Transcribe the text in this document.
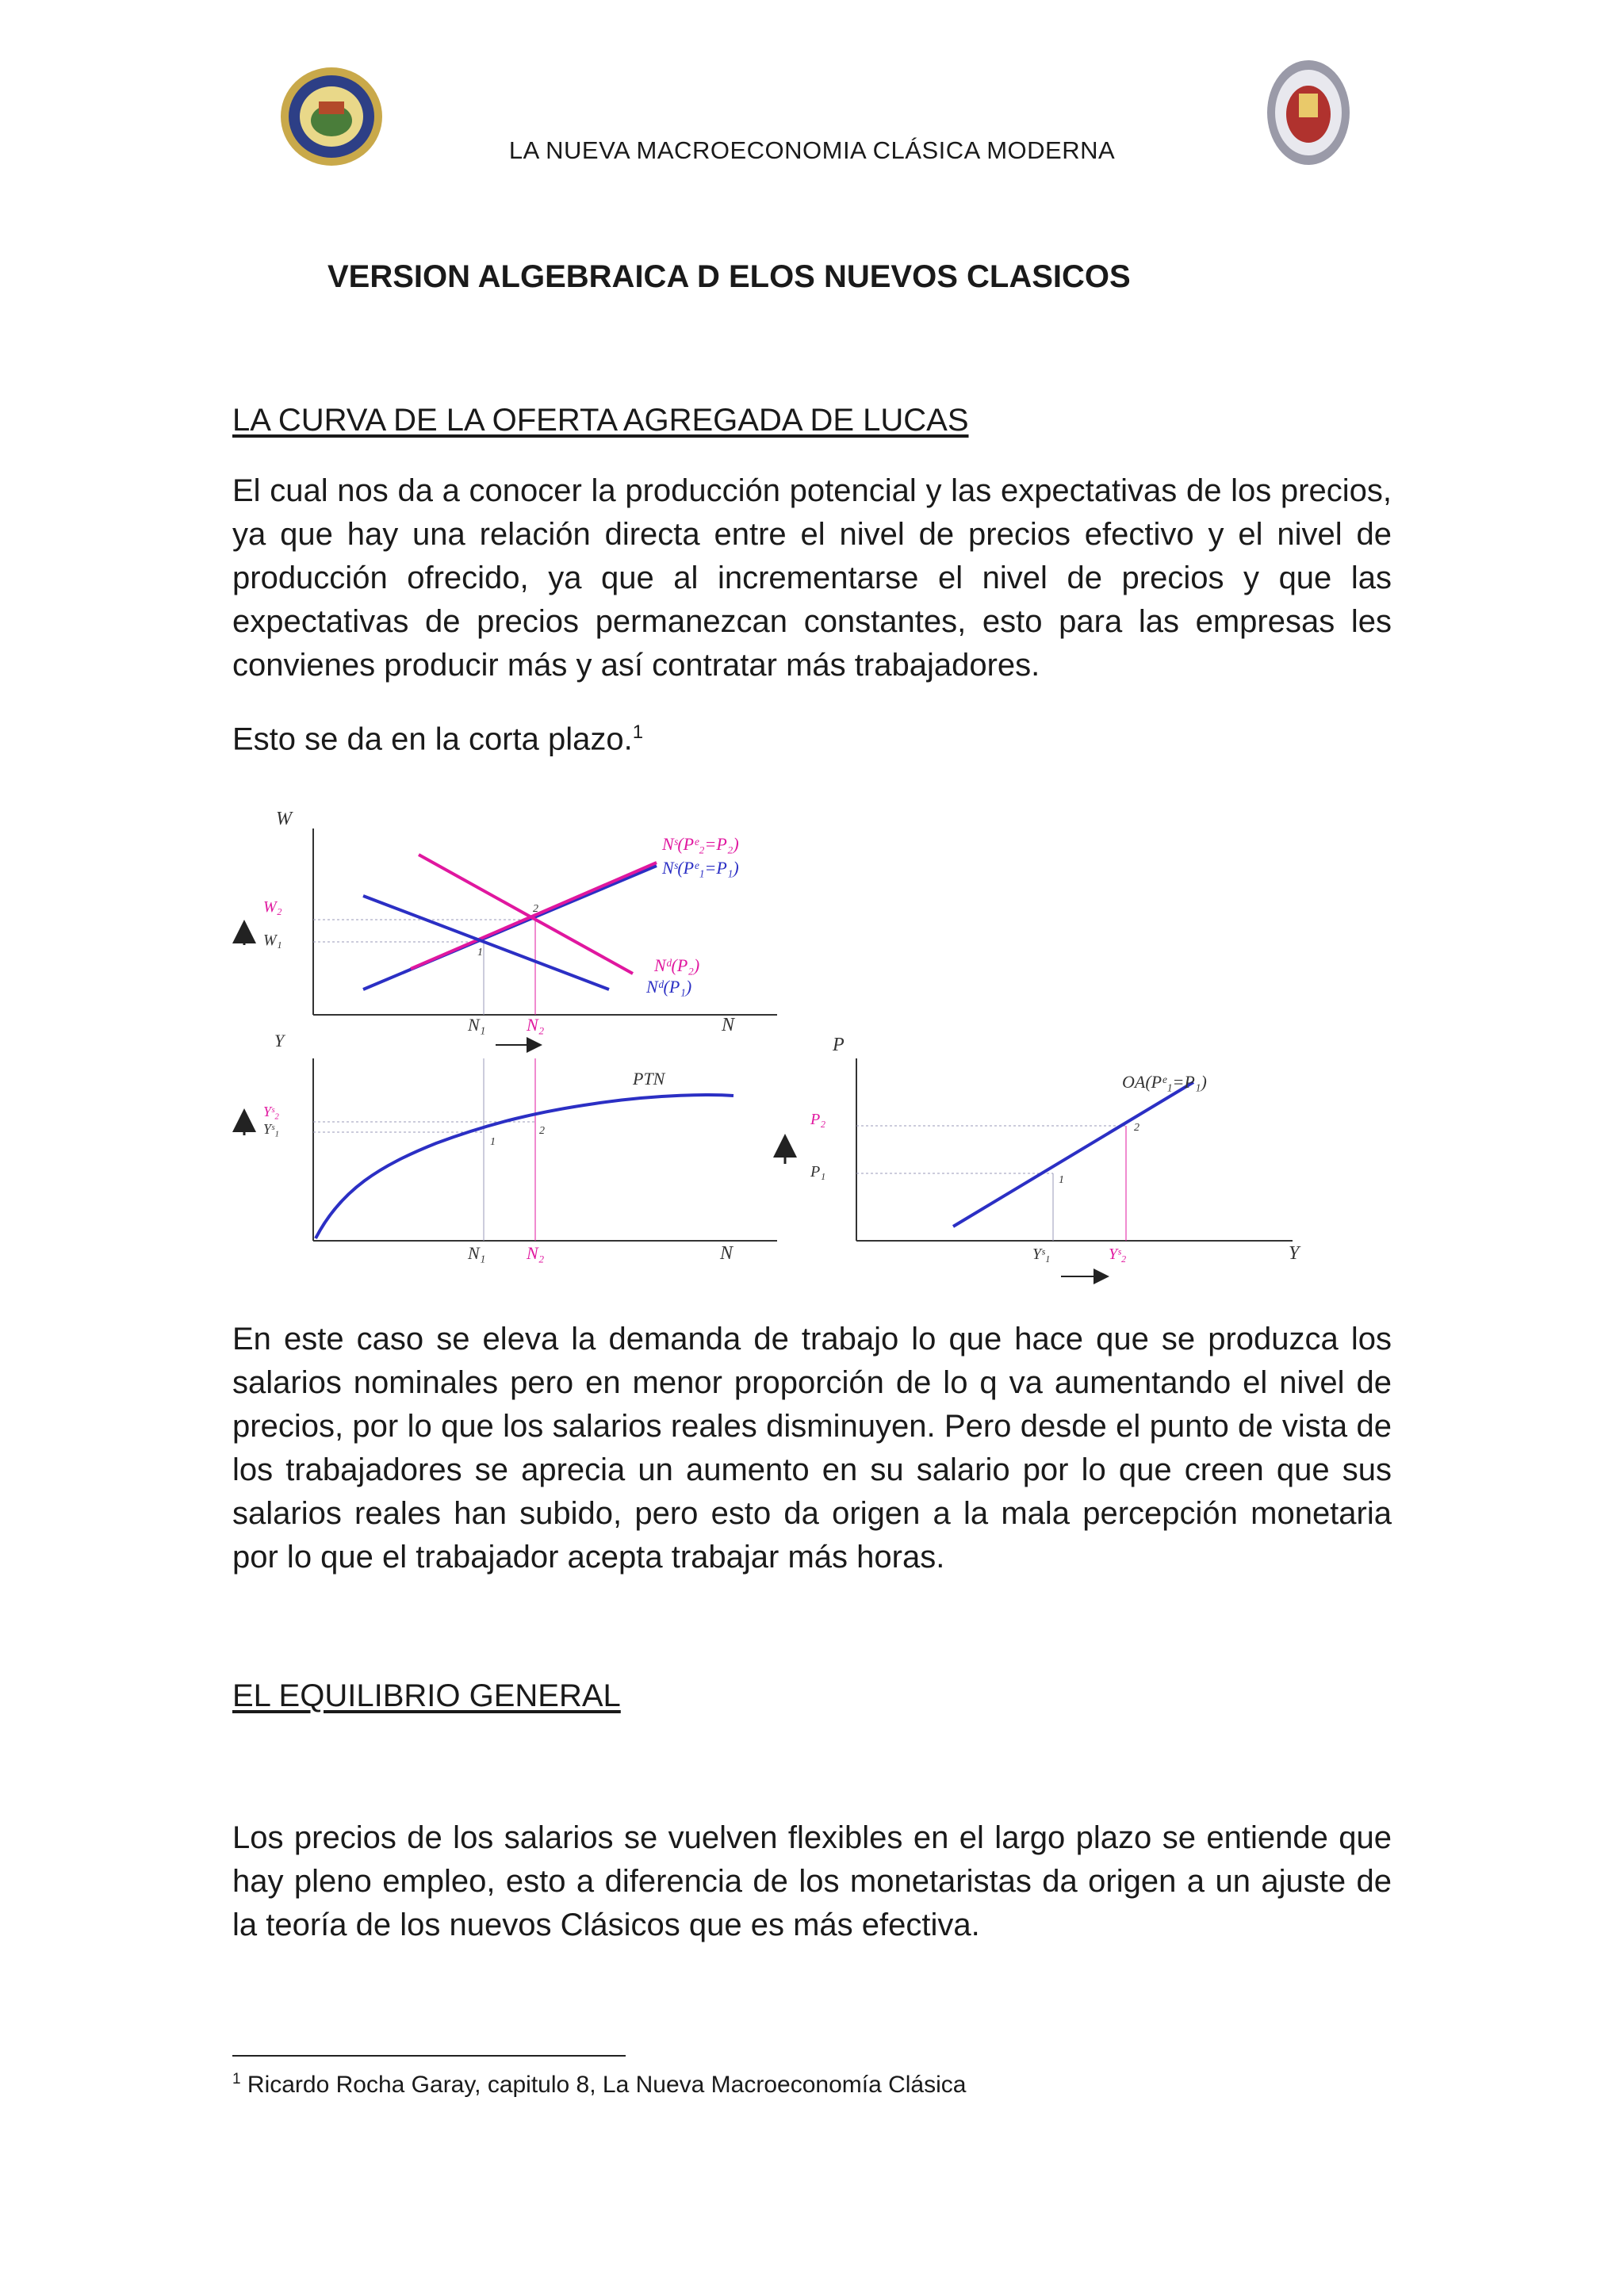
LA NUEVA MACROECONOMIA CLÁSICA MODERNA
VERSION ALGEBRAICA D ELOS NUEVOS CLASICOS
LA CURVA DE LA OFERTA AGREGADA DE LUCAS
El cual nos da a conocer la producción potencial y las expectativas de los precios, ya que hay una relación directa entre el nivel de precios efectivo y el nivel de producción ofrecido, ya que al incrementarse el nivel de precios y que las expectativas de precios permanezcan constantes, esto para las empresas les convienes producir más y así contratar más trabajadores.
Esto se da en la corta plazo.$^1$
W
N
Nˢ(Pᵉ₂=P₂)
Nˢ(Pᵉ₁=P₁)
Nᵈ(P₂)
Nᵈ(P₁)
W₂
W₁
1
2
N₁ N₂
Y
N
PTN
Yˢ₂
Yˢ₁
1
2
N₁ N₂
P
Y
OA(Pᵉ₁=P₁)
P₂
P₁	1
2
Yˢ₁	Yˢ₂
En este caso se eleva la demanda de trabajo lo que hace que se produzca los salarios nominales pero en menor proporción de lo q va aumentando el nivel de precios, por lo que los salarios reales disminuyen. Pero desde el punto de vista de los trabajadores se aprecia un aumento en su salario por lo que creen que sus salarios reales han subido, pero esto da origen a la mala percepción monetaria por lo que el trabajador acepta trabajar más horas.
EL EQUILIBRIO GENERAL
Los precios de los salarios se vuelven flexibles en el largo plazo se entiende que hay pleno empleo, esto a diferencia de los monetaristas da origen a un ajuste de la teoría de los nuevos Clásicos que es más efectiva.
$^1$ Ricardo Rocha Garay, capitulo 8, La Nueva Macroeconomía Clásica
